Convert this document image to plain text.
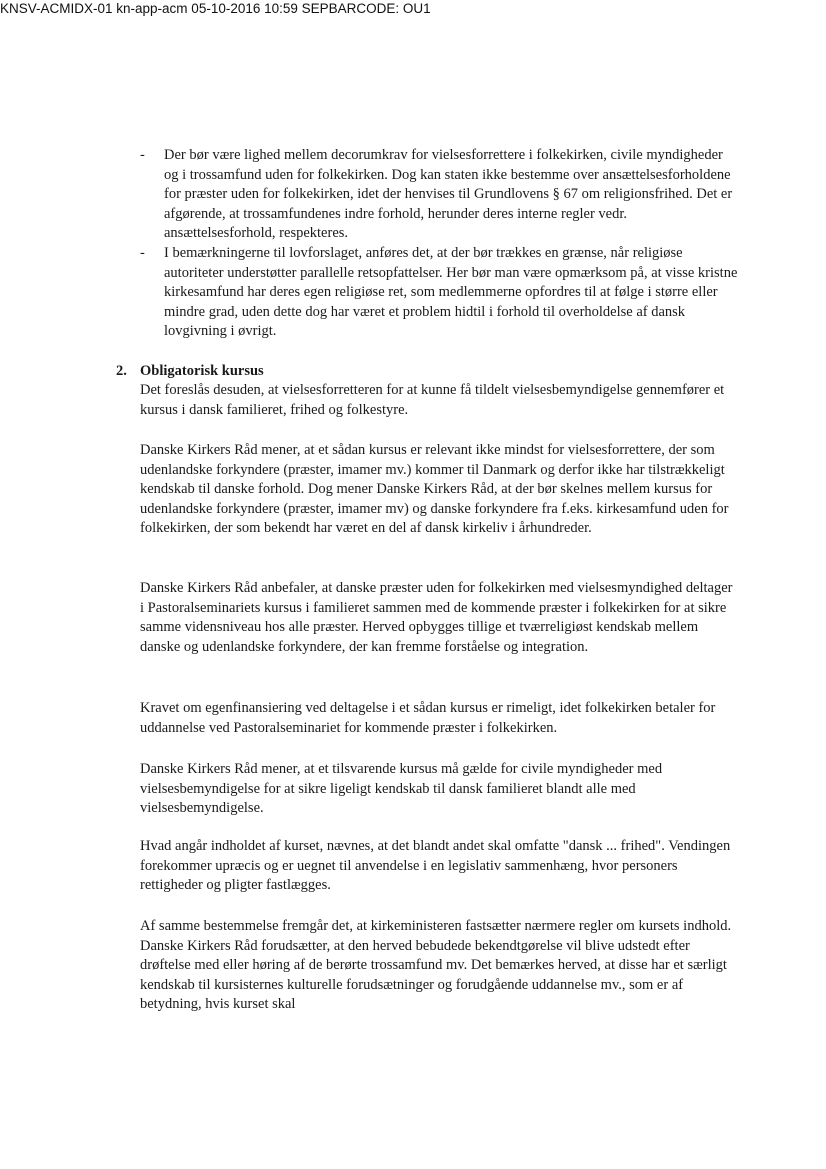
KNSV-ACMIDX-01 kn-app-acm 05-10-2016 10:59 SEPBARCODE: OU1
- Der bør være lighed mellem decorumkrav for vielsesforrettere i folkekirken, civile myndigheder og i trossamfund uden for folkekirken. Dog kan staten ikke bestemme over ansættelsesforholdene for præster uden for folkekirken, idet der henvises til Grundlovens § 67 om religionsfrihed. Det er afgørende, at trossamfundenes indre forhold, herunder deres interne regler vedr. ansættelsesforhold, respekteres.
- I bemærkningerne til lovforslaget, anføres det, at der bør trækkes en grænse, når religiøse autoriteter understøtter parallelle retsopfattelser. Her bør man være opmærksom på, at visse kristne kirkesamfund har deres egen religiøse ret, som medlemmerne opfordres til at følge i større eller mindre grad, uden dette dog har været et problem hidtil i forhold til overholdelse af dansk lovgivning i øvrigt.
2. Obligatorisk kursus

Det foreslås desuden, at vielsesforretteren for at kunne få tildelt vielsesbemyndigelse gennemfører et kursus i dansk familieret, frihed og folkestyre.

Danske Kirkers Råd mener, at et sådan kursus er relevant ikke mindst for vielsesforrettere, der som udenlandske forkyndere (præster, imamer mv.) kommer til Danmark og derfor ikke har tilstrækkeligt kendskab til danske forhold. Dog mener Danske Kirkers Råd, at der bør skelnes mellem kursus for udenlandske forkyndere (præster, imamer mv) og danske forkyndere fra f.eks. kirkesamfund uden for folkekirken, der som bekendt har været en del af dansk kirkeliv i århundreder.

Danske Kirkers Råd anbefaler, at danske præster uden for folkekirken med vielsesmyndighed deltager i Pastoralseminariets kursus i familieret sammen med de kommende præster i folkekirken for at sikre samme vidensniveau hos alle præster. Herved opbygges tillige et tværreligiøst kendskab mellem danske og udenlandske forkyndere, der kan fremme forståelse og integration.

Kravet om egenfinansiering ved deltagelse i et sådan kursus er rimeligt, idet folkekirken betaler for uddannelse ved Pastoralseminariet for kommende præster i folkekirken.

Danske Kirkers Råd mener, at et tilsvarende kursus må gælde for civile myndigheder med vielsesbemyndigelse for at sikre ligeligt kendskab til dansk familieret blandt alle med vielsesbemyndigelse.

Hvad angår indholdet af kurset, nævnes, at det blandt andet skal omfatte "dansk ... frihed". Vendingen forekommer upræcis og er uegnet til anvendelse i en legislativ sammenhæng, hvor personers rettigheder og pligter fastlægges.

Af samme bestemmelse fremgår det, at kirkeministeren fastsætter nærmere regler om kursets indhold. Danske Kirkers Råd forudsætter, at den herved bebudede bekendtgørelse vil blive udstedt efter drøftelse med eller høring af de berørte trossamfund mv. Det bemærkes herved, at disse har et særligt kendskab til kursisternes kulturelle forudsætninger og forudgående uddannelse mv., som er af betydning, hvis kurset skal
